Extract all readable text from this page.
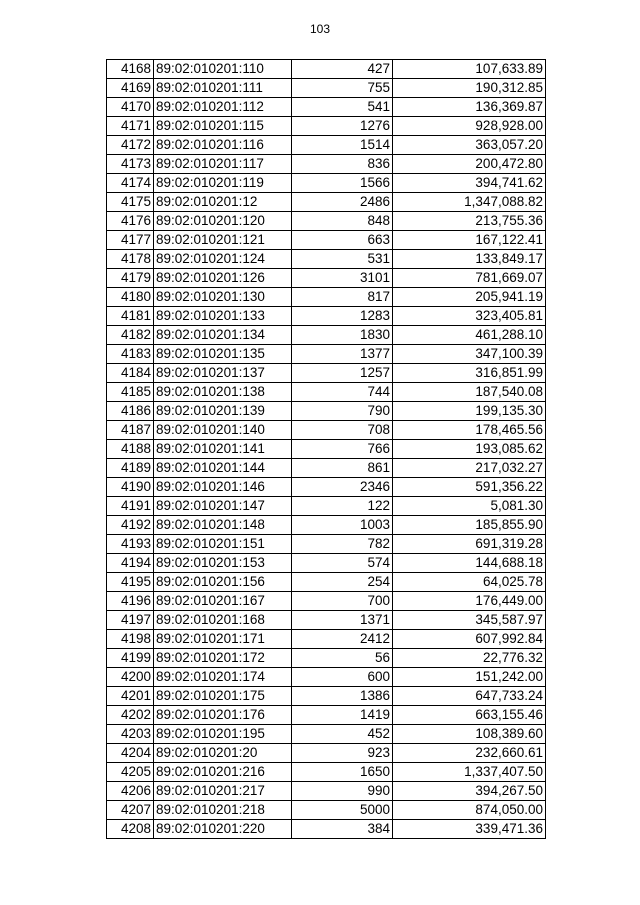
103
4168	89:02:010201:110	427	107,633.89
4169	89:02:010201:111	755	190,312.85
4170	89:02:010201:112	541	136,369.87
4171	89:02:010201:115	1276	928,928.00
4172	89:02:010201:116	1514	363,057.20
4173	89:02:010201:117	836	200,472.80
4174	89:02:010201:119	1566	394,741.62
4175	89:02:010201:12	2486	1,347,088.82
4176	89:02:010201:120	848	213,755.36
4177	89:02:010201:121	663	167,122.41
4178	89:02:010201:124	531	133,849.17
4179	89:02:010201:126	3101	781,669.07
4180	89:02:010201:130	817	205,941.19
4181	89:02:010201:133	1283	323,405.81
4182	89:02:010201:134	1830	461,288.10
4183	89:02:010201:135	1377	347,100.39
4184	89:02:010201:137	1257	316,851.99
4185	89:02:010201:138	744	187,540.08
4186	89:02:010201:139	790	199,135.30
4187	89:02:010201:140	708	178,465.56
4188	89:02:010201:141	766	193,085.62
4189	89:02:010201:144	861	217,032.27
4190	89:02:010201:146	2346	591,356.22
4191	89:02:010201:147	122	5,081.30
4192	89:02:010201:148	1003	185,855.90
4193	89:02:010201:151	782	691,319.28
4194	89:02:010201:153	574	144,688.18
4195	89:02:010201:156	254	64,025.78
4196	89:02:010201:167	700	176,449.00
4197	89:02:010201:168	1371	345,587.97
4198	89:02:010201:171	2412	607,992.84
4199	89:02:010201:172	56	22,776.32
4200	89:02:010201:174	600	151,242.00
4201	89:02:010201:175	1386	647,733.24
4202	89:02:010201:176	1419	663,155.46
4203	89:02:010201:195	452	108,389.60
4204	89:02:010201:20	923	232,660.61
4205	89:02:010201:216	1650	1,337,407.50
4206	89:02:010201:217	990	394,267.50
4207	89:02:010201:218	5000	874,050.00
4208	89:02:010201:220	384	339,471.36
